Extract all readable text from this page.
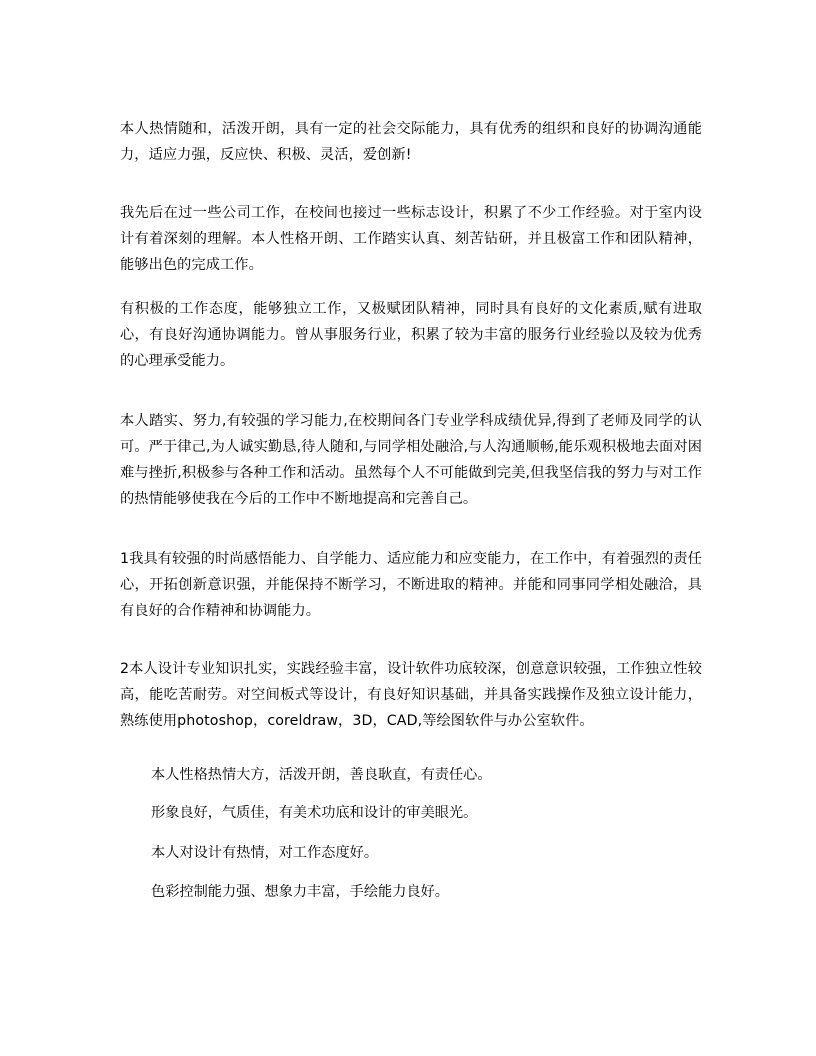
本人热情随和，活泼开朗，具有一定的社会交际能力，具有优秀的组织和良好的协调沟通能力，适应力强，反应快、积极、灵活，爱创新!

我先后在过一些公司工作，在校间也接过一些标志设计，积累了不少工作经验。对于室内设计有着深刻的理解。本人性格开朗、工作踏实认真、刻苦钻研，并且极富工作和团队精神，能够出色的完成工作。

有积极的工作态度，能够独立工作，又极赋团队精神，同时具有良好的文化素质,赋有进取心，有良好沟通协调能力。曾从事服务行业，积累了较为丰富的服务行业经验以及较为优秀的心理承受能力。

本人踏实、努力,有较强的学习能力,在校期间各门专业学科成绩优异,得到了老师及同学的认可。严于律己,为人诚实勤恳,待人随和,与同学相处融洽,与人沟通顺畅,能乐观积极地去面对困难与挫折,积极参与各种工作和活动。虽然每个人不可能做到完美,但我坚信我的努力与对工作的热情能够使我在今后的工作中不断地提高和完善自己。

1我具有较强的时尚感悟能力、自学能力、适应能力和应变能力，在工作中，有着强烈的责任心，开拓创新意识强，并能保持不断学习，不断进取的精神。并能和同事同学相处融洽，具有良好的合作精神和协调能力。

2本人设计专业知识扎实，实践经验丰富，设计软件功底较深，创意意识较强，工作独立性较高，能吃苦耐劳。对空间板式等设计，有良好知识基础，并具备实践操作及独立设计能力，熟练使用photoshop，coreldraw，3D，CAD,等绘图软件与办公室软件。

本人性格热情大方，活泼开朗，善良耿直，有责任心。

形象良好，气质佳，有美术功底和设计的审美眼光。

本人对设计有热情，对工作态度好。

色彩控制能力强、想象力丰富，手绘能力良好。
